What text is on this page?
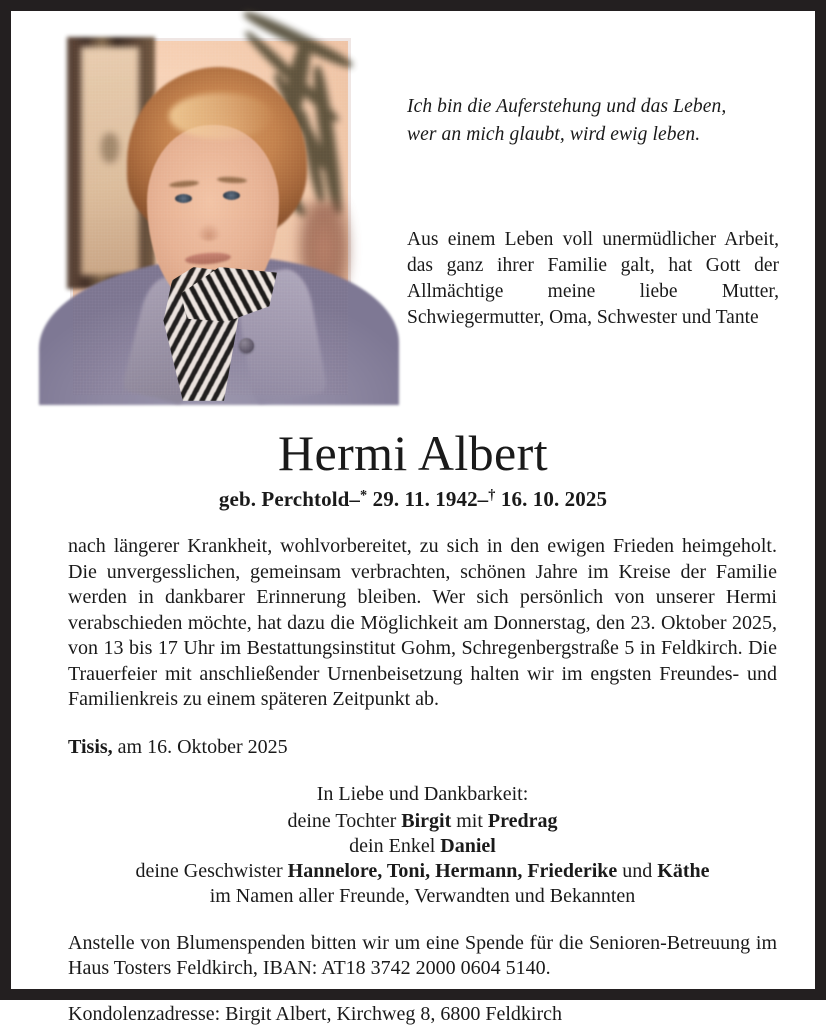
Ich bin die Auferstehung und das Leben,
wer an mich glaubt, wird ewig leben.
Aus einem Leben voll unermüdlicher Arbeit, das ganz ihrer Familie galt, hat Gott der Allmächtige meine liebe Mutter, Schwiegermutter, Oma, Schwester und Tante
Hermi Albert
geb. Perchtold–* 29. 11. 1942–† 16. 10. 2025
nach längerer Krankheit, wohlvorbereitet, zu sich in den ewigen Frieden heimgeholt. Die unvergesslichen, gemeinsam verbrachten, schönen Jahre im Kreise der Familie werden in dankbarer Erinnerung bleiben. Wer sich persönlich von unserer Hermi verabschieden möchte, hat dazu die Möglichkeit am Donnerstag, den 23. Oktober 2025, von 13 bis 17 Uhr im Bestattungsinstitut Gohm, Schregenbergstraße 5 in Feldkirch. Die Trauerfeier mit anschließender Urnenbeisetzung halten wir im engsten Freundes- und Familienkreis zu einem späteren Zeitpunkt ab.
Tisis, am 16. Oktober 2025
In Liebe und Dankbarkeit:
deine Tochter Birgit mit Predrag
dein Enkel Daniel
deine Geschwister Hannelore, Toni, Hermann, Friederike und Käthe
im Namen aller Freunde, Verwandten und Bekannten
Anstelle von Blumenspenden bitten wir um eine Spende für die Senioren-Betreuung im Haus Tosters Feldkirch, IBAN: AT18 3742 2000 0604 5140.
Kondolenzadresse: Birgit Albert, Kirchweg 8, 6800 Feldkirch
